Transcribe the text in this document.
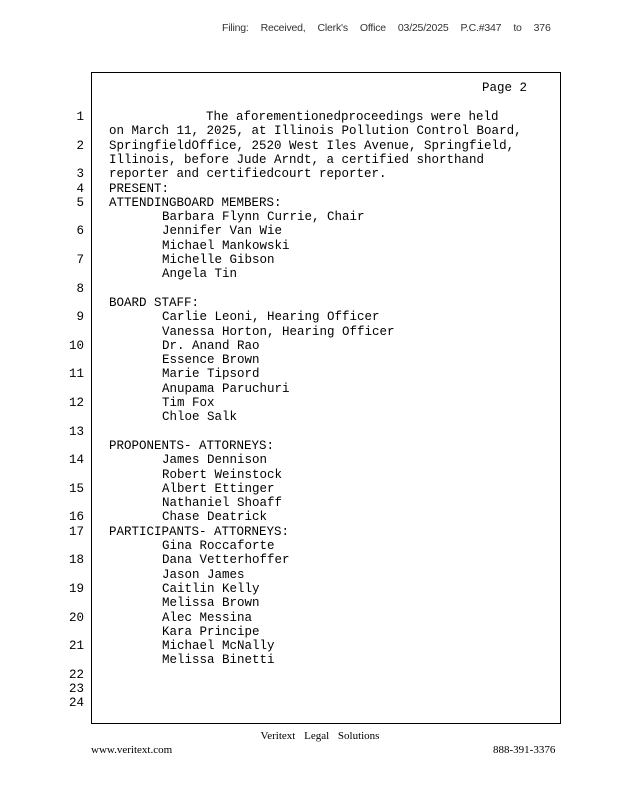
Filing: Received, Clerk's Office 03/25/2025 P.C.#347 to 376
Page 2
1	The aforementionedproceedings were held
on March 11, 2025, at Illinois Pollution Control Board,
2 SpringfieldOffice, 2520 West Iles Avenue, Springfield,
Illinois, before Jude Arndt, a certified shorthand
3 reporter and certifiedcourt reporter.
4 PRESENT:
5 ATTENDINGBOARD MEMBERS:
Barbara Flynn Currie, Chair
6	Jennifer Van Wie
Michael Mankowski
7	Michelle Gibson
Angela Tin
8
BOARD STAFF:
9	Carlie Leoni, Hearing Officer
Vanessa Horton, Hearing Officer
10	Dr. Anand Rao
Essence Brown
11	Marie Tipsord
Anupama Paruchuri
12	Tim Fox
Chloe Salk
13
PROPONENTS- ATTORNEYS:
14	James Dennison
Robert Weinstock
15	Albert Ettinger
Nathaniel Shoaff
16	Chase Deatrick
17 PARTICIPANTS- ATTORNEYS:
Gina Roccaforte
18	Dana Vetterhoffer
Jason James
19	Caitlin Kelly
Melissa Brown
20	Alec Messina
Kara Principe
21	Michael McNally
Melissa Binetti
22
23
24
Veritext Legal Solutions
www.veritext.com	888-391-3376
